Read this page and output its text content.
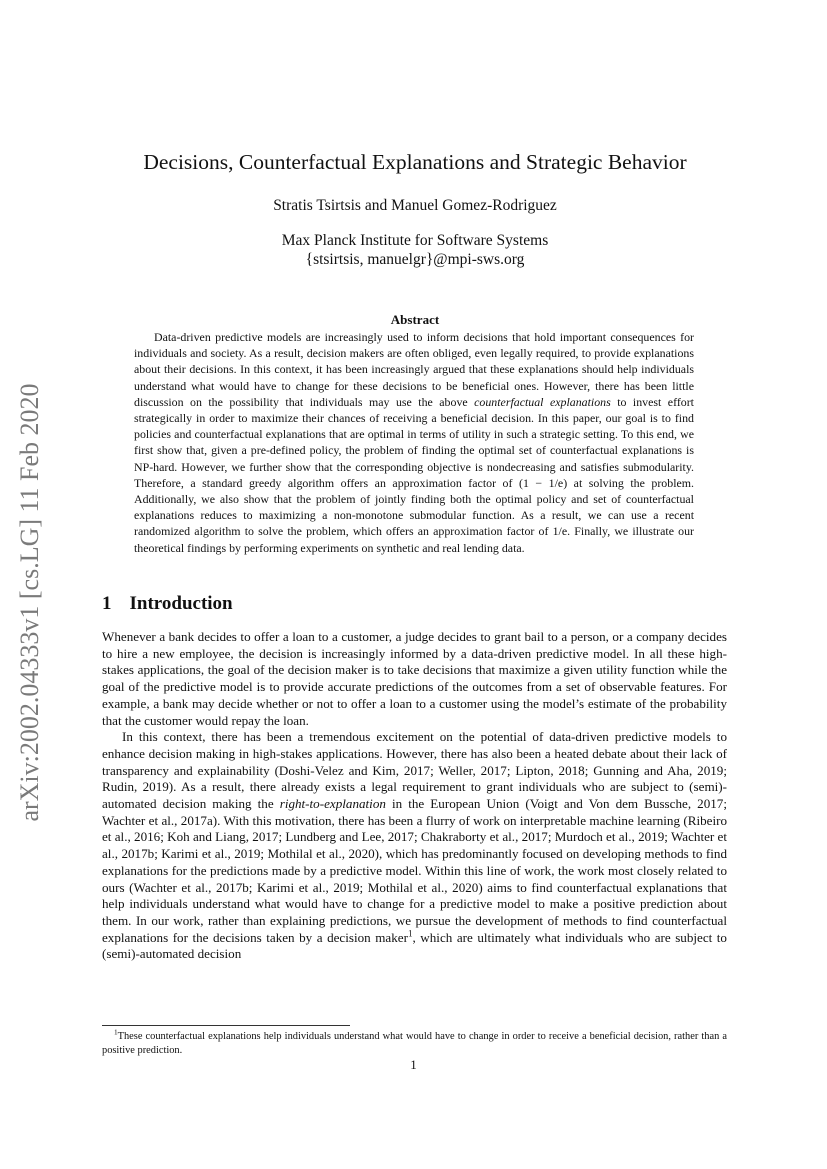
arXiv:2002.04333v1 [cs.LG] 11 Feb 2020
Decisions, Counterfactual Explanations and Strategic Behavior
Stratis Tsirtsis and Manuel Gomez-Rodriguez
Max Planck Institute for Software Systems
{stsirtsis, manuelgr}@mpi-sws.org
Abstract

Data-driven predictive models are increasingly used to inform decisions that hold important consequences for individuals and society. As a result, decision makers are often obliged, even legally required, to provide explanations about their decisions. In this context, it has been increasingly argued that these explanations should help individuals understand what would have to change for these decisions to be beneficial ones. However, there has been little discussion on the possibility that individuals may use the above counterfactual explanations to invest effort strategically in order to maximize their chances of receiving a beneficial decision. In this paper, our goal is to find policies and counterfactual explanations that are optimal in terms of utility in such a strategic setting. To this end, we first show that, given a pre-defined policy, the problem of finding the optimal set of counterfactual explanations is NP-hard. However, we further show that the corresponding objective is nondecreasing and satisfies submodularity. Therefore, a standard greedy algorithm offers an approximation factor of (1 − 1/e) at solving the problem. Additionally, we also show that the problem of jointly finding both the optimal policy and set of counterfactual explanations reduces to maximizing a non-monotone submodular function. As a result, we can use a recent randomized algorithm to solve the problem, which offers an approximation factor of 1/e. Finally, we illustrate our theoretical findings by performing experiments on synthetic and real lending data.

1 Introduction

Whenever a bank decides to offer a loan to a customer, a judge decides to grant bail to a person, or a company decides to hire a new employee, the decision is increasingly informed by a data-driven predictive model. In all these high-stakes applications, the goal of the decision maker is to take decisions that maximize a given utility function while the goal of the predictive model is to provide accurate predictions of the outcomes from a set of observable features. For example, a bank may decide whether or not to offer a loan to a customer using the model’s estimate of the probability that the customer would repay the loan.

In this context, there has been a tremendous excitement on the potential of data-driven predictive models to enhance decision making in high-stakes applications. However, there has also been a heated debate about their lack of transparency and explainability (Doshi-Velez and Kim, 2017; Weller, 2017; Lipton, 2018; Gunning and Aha, 2019; Rudin, 2019). As a result, there already exists a legal requirement to grant individuals who are subject to (semi)-automated decision making the right-to-explanation in the European Union (Voigt and Von dem Bussche, 2017; Wachter et al., 2017a). With this motivation, there has been a flurry of work on interpretable machine learning (Ribeiro et al., 2016; Koh and Liang, 2017; Lundberg and Lee, 2017; Chakraborty et al., 2017; Murdoch et al., 2019; Wachter et al., 2017b; Karimi et al., 2019; Mothilal et al., 2020), which has predominantly focused on developing methods to find explanations for the predictions made by a predictive model. Within this line of work, the work most closely related to ours (Wachter et al., 2017b; Karimi et al., 2019; Mothilal et al., 2020) aims to find counterfactual explanations that help individuals understand what would have to change for a predictive model to make a positive prediction about them. In our work, rather than explaining predictions, we pursue the development of methods to find counterfactual explanations for the decisions taken by a decision maker$^1$, which are ultimately what individuals who are subject to (semi)-automated decision

$^1$These counterfactual explanations help individuals understand what would have to change in order to receive a beneficial decision, rather than a positive prediction.
1
